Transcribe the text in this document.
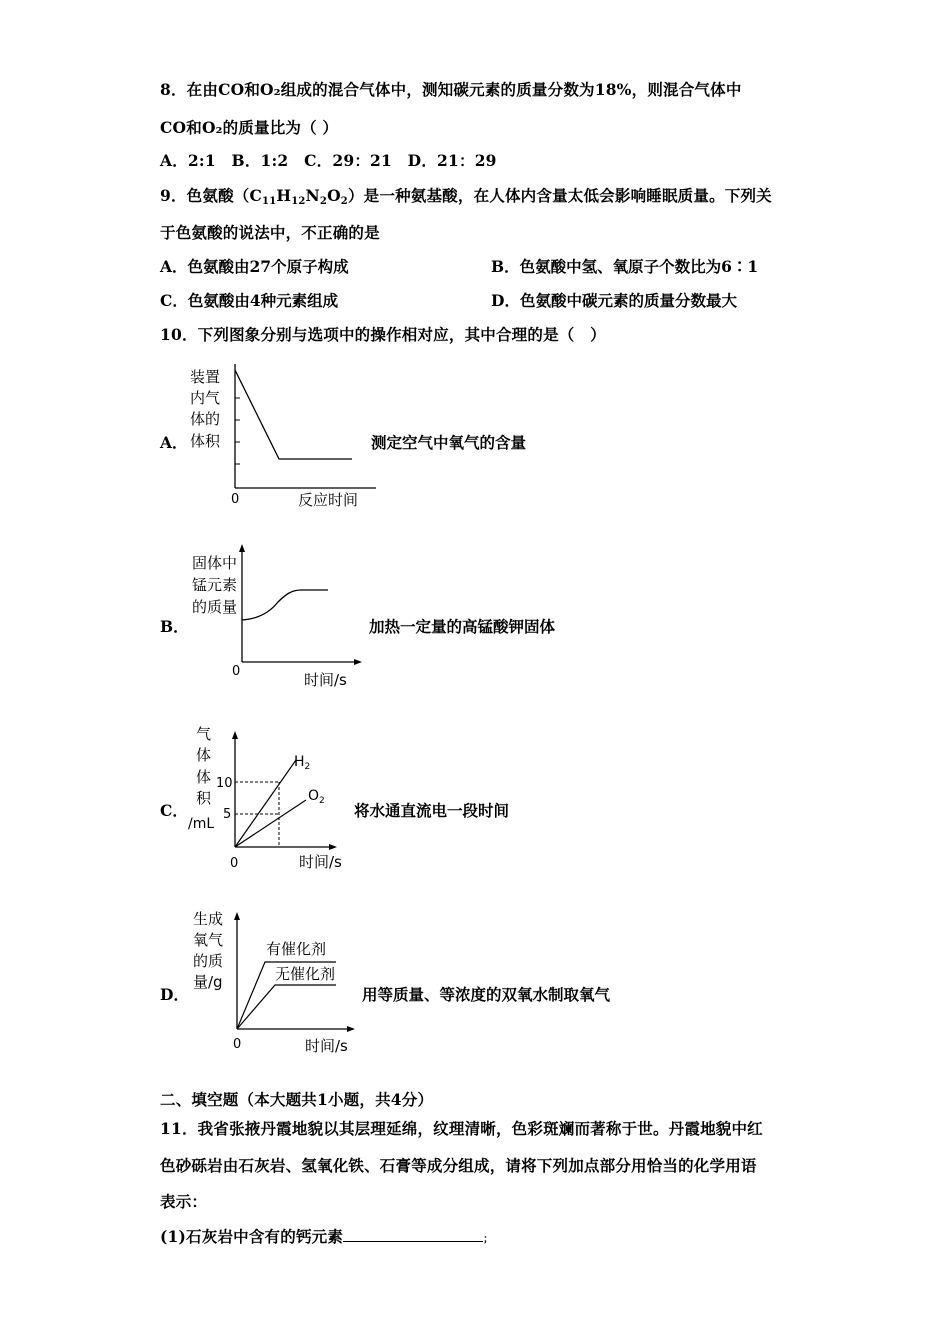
8．在由CO和O₂组成的混合气体中，测知碳元素的质量分数为18%，则混合气体中
CO和O₂的质量比为（ ）
A．2:1　B．1:2　C．29：21　D．21：29
9．色氨酸$(C_{11}H_{12}N_2O_2)$是一种氨基酸，在人体内含量太低会影响睡眠质量。下列关
于色氨酸的说法中，不正确的是
A．色氨酸由27个原子构成	B．色氨酸中氢、氧原子个数比为6∶1
C．色氨酸由4种元素组成	D．色氨酸中碳元素的质量分数最大
10．下列图象分别与选项中的操作相对应，其中合理的是（　）
A．
装置
内气
体的
体积
0	反应时间
测定空气中氧气的含量
B．
固体中
锰元素
的质量
0	时间/s
加热一定量的高锰酸钾固体
C．
气
体
体
积
/mL
10
5
0	时间/s
$H_2$
$O_2$ 将水通直流电一段时间
D．
生成
氧气
的质
量/g
有催化剂
无催化剂
0	时间/s
用等质量、等浓度的双氧水制取氧气
二、填空题（本大题共1小题，共4分）
11．我省张掖丹霞地貌以其层理延绵，纹理清晰，色彩斑斓而著称于世。丹霞地貌中红
色砂砾岩由石灰岩、氢氧化铁、石膏等成分组成，请将下列加点部分用恰当的化学用语
表示：
(1)石灰岩中含有的钙元素	；
